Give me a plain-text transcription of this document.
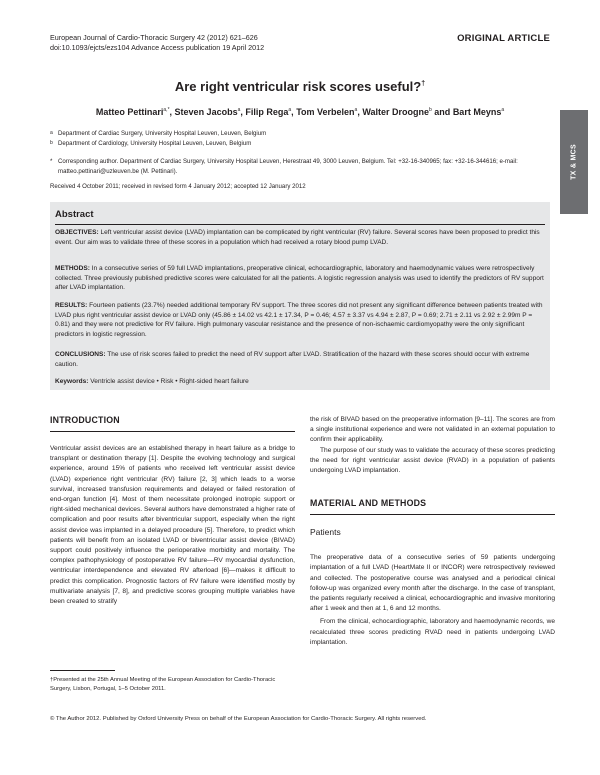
European Journal of Cardio-Thoracic Surgery 42 (2012) 621–626
doi:10.1093/ejcts/ezs104 Advance Access publication 19 April 2012
ORIGINAL ARTICLE
TX & MCS
Are right ventricular risk scores useful?†
Matteo Pettinari$^{a,*}$, Steven Jacobs$^a$, Filip Rega$^a$, Tom Verbelen$^a$, Walter Droogne$^b$ and Bart Meyns$^a$
a Department of Cardiac Surgery, University Hospital Leuven, Leuven, Belgium
b Department of Cardiology, University Hospital Leuven, Leuven, Belgium
* Corresponding author. Department of Cardiac Surgery, University Hospital Leuven, Herestraat 49, 3000 Leuven, Belgium. Tel: +32-16-340965; fax: +32-16-344616; e-mail: matteo.pettinari@uzleuven.be (M. Pettinari).
Received 4 October 2011; received in revised form 4 January 2012; accepted 12 January 2012
Abstract
OBJECTIVES: Left ventricular assist device (LVAD) implantation can be complicated by right ventricular (RV) failure. Several scores have been proposed to predict this event. Our aim was to validate three of these scores in a population which had received a rotary blood pump LVAD.
METHODS: In a consecutive series of 59 full LVAD implantations, preoperative clinical, echocardiographic, laboratory and haemodynamic values were retrospectively collected. Three previously published predictive scores were calculated for all the patients. A logistic regression analysis was used to identify the predictors of RV support after LVAD implantation.
RESULTS: Fourteen patients (23.7%) needed additional temporary RV support. The three scores did not present any significant difference between patients treated with LVAD plus right ventricular assist device or LVAD only (45.86 ± 14.02 vs 42.1 ± 17.34, P = 0.46; 4.57 ± 3.37 vs 4.94 ± 2.87, P = 0.69; 2.71 ± 2.11 vs 2.92 ± 2.99m P = 0.81) and they were not predictive for RV failure. High pulmonary vascular resistance and the presence of non-ischaemic cardiomyopathy were the only significant predictors in logistic regression.
CONCLUSIONS: The use of risk scores failed to predict the need of RV support after LVAD. Stratification of the hazard with these scores should occur with extreme caution.
Keywords: Ventricle assist device • Risk • Right-sided heart failure
INTRODUCTION

Ventricular assist devices are an established therapy in heart failure as a bridge to transplant or destination therapy [1]. Despite the evolving technology and surgical experience, around 15% of patients who received left ventricular assist device (LVAD) experience right ventricular (RV) failure [2, 3] which leads to a worse survival, increased transfusion requirements and delayed or failed restoration of end-organ function [4]. Most of them necessitate prolonged inotropic support or right-sided mechanical devices. Several authors have demonstrated a higher rate of complication and poor results after biventricular support, especially when the right assist device was implanted in a delayed procedure [5]. Therefore, to predict which patients will benefit from an isolated LVAD or biventricular assist device (BIVAD) support could positively influence the perioperative morbidity and mortality. The complex pathophysiology of postoperative RV failure—RV myocardial dysfunction, ventricular interdependence and elevated RV afterload [6]—makes it difficult to predict this complication. Prognostic factors of RV failure were identified mostly by multivariate analysis [7, 8], and predictive scores grouping multiple variables have been created to stratify

the risk of BIVAD based on the preoperative information [9–11]. The scores are from a single institutional experience and were not validated in an external population to confirm their applicability.

The purpose of our study was to validate the accuracy of these scores predicting the need for right ventricular assist device (RVAD) in a population of patients undergoing LVAD implantation.

MATERIAL AND METHODS
Patients

The preoperative data of a consecutive series of 59 patients undergoing implantation of a full LVAD (HeartMate II or INCOR) were retrospectively reviewed and collected. The postoperative course was analysed and a periodical clinical follow-up was organized every month after the discharge. In the case of transplant, the patients regularly received a clinical, echocardiographic and invasive monitoring after 1 week and then at 1, 6 and 12 months.

From the clinical, echocardiographic, laboratory and haemodynamic records, we recalculated three scores predicting RVAD need in patients undergoing LVAD implantation.

†Presented at the 25th Annual Meeting of the European Association for Cardio-Thoracic Surgery, Lisbon, Portugal, 1–5 October 2011.
© The Author 2012. Published by Oxford University Press on behalf of the European Association for Cardio-Thoracic Surgery. All rights reserved.
